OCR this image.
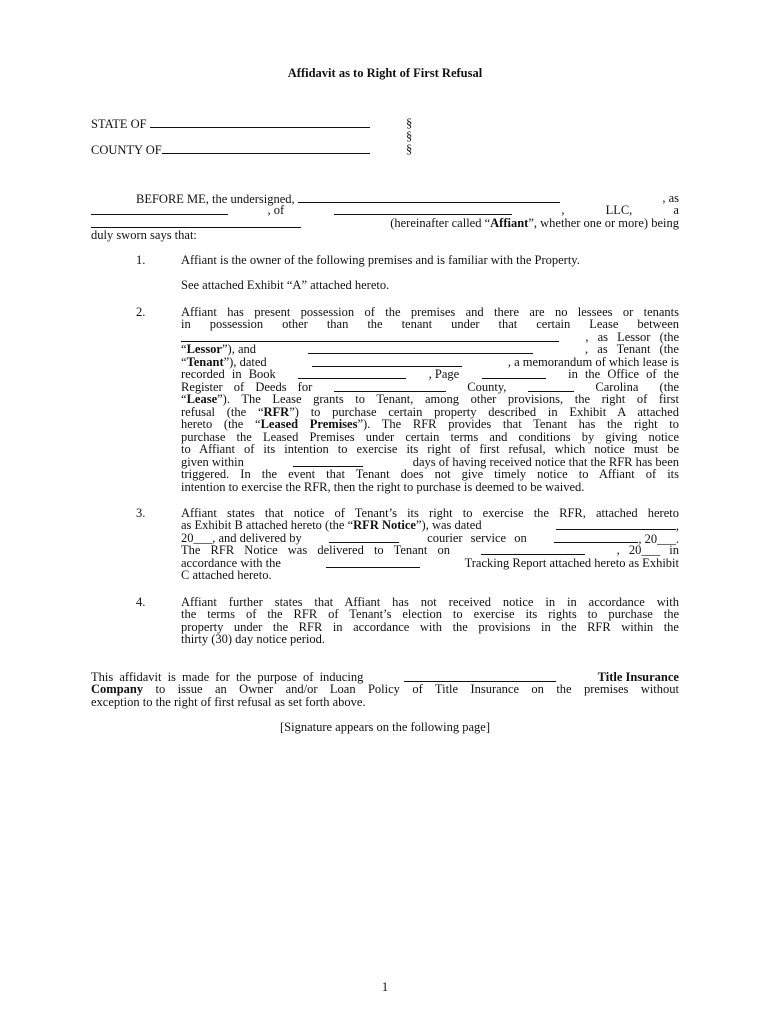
Affidavit as to Right of First Refusal
STATE OF	§
§
COUNTY OF	§
BEFORE ME, the undersigned,	, as
, of	, LLC, a
(hereinafter called “Affiant”, whether one or more) being
duly sworn says that:
1.	Affiant is the owner of the following premises and is familiar with the Property.
See attached Exhibit “A” attached hereto.
2.	Affiant has present possession of the premises and there are no lessees or tenants
in possession other than the tenant under that certain Lease between
, as Lessor (the
“Lessor”), and	, as Tenant (the
“Tenant”), dated	, a memorandum of which lease is
recorded in Book	, Page	in the Office of the
Register of Deeds for	County,	Carolina (the
“Lease”). The Lease grants to Tenant, among other provisions, the right of first
refusal (the “RFR”) to purchase certain property described in Exhibit A attached
hereto (the “Leased Premises”). The RFR provides that Tenant has the right to
purchase the Leased Premises under certain terms and conditions by giving notice
to Affiant of its intention to exercise its right of first refusal, which notice must be
given within	days of having received notice that the RFR has been
triggered. In the event that Tenant does not give timely notice to Affiant of its
intention to exercise the RFR, then the right to purchase is deemed to be waived.
3.	Affiant states that notice of Tenant’s its right to exercise the RFR, attached hereto
as Exhibit B attached hereto (the “RFR Notice”), was dated	,
20___, and delivered by	courier service on	, 20___.
The RFR Notice was delivered to Tenant on	, 20___ in
accordance with the	Tracking Report attached hereto as Exhibit
C attached hereto.
4.	Affiant further states that Affiant has not received notice in in accordance with
the terms of the RFR of Tenant’s election to exercise its rights to purchase the
property under the RFR in accordance with the provisions in the RFR within the
thirty (30) day notice period.
This affidavit is made for the purpose of inducing	Title Insurance
Company to issue an Owner and/or Loan Policy of Title Insurance on the premises without
exception to the right of first refusal as set forth above.
[Signature appears on the following page]
1
